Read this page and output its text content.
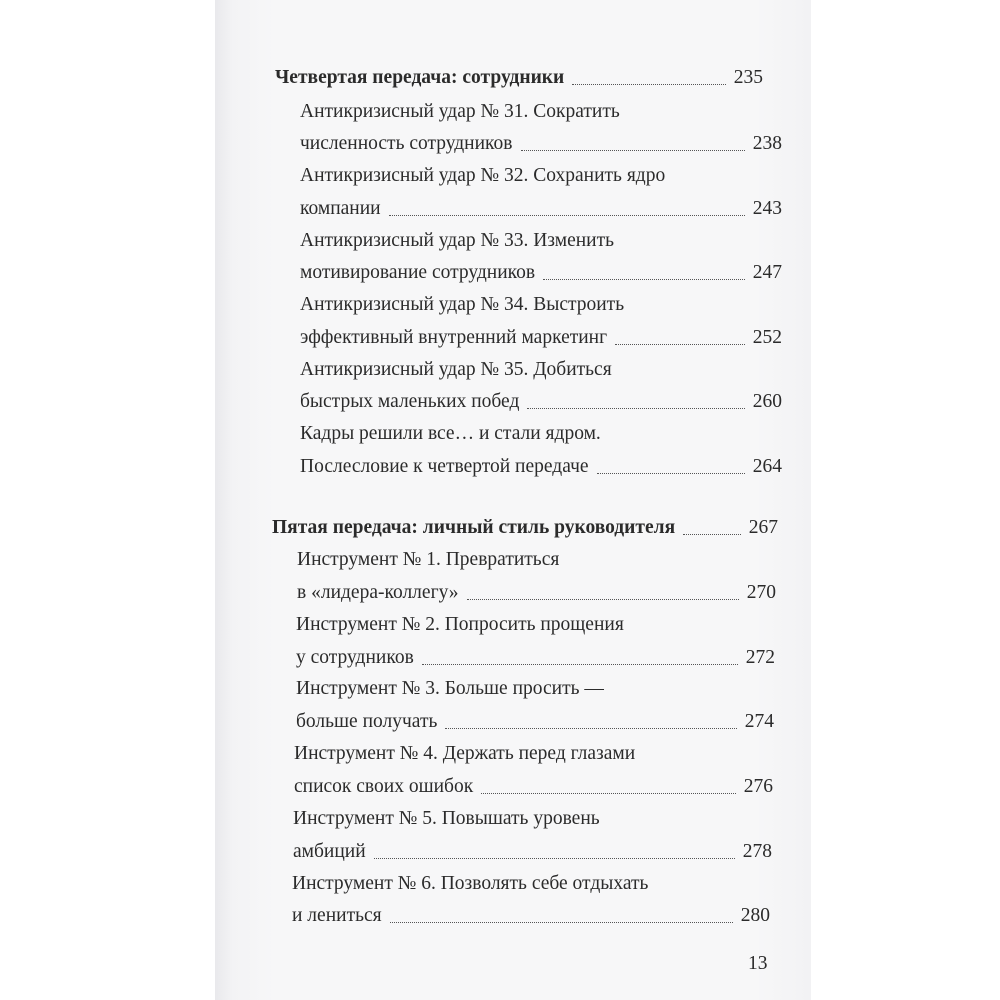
Четвертая передача: сотрудники	235
Антикризисный удар № 31. Сократить
численность сотрудников	238
Антикризисный удар № 32. Сохранить ядро
компании	243
Антикризисный удар № 33. Изменить
мотивирование сотрудников	247
Антикризисный удар № 34. Выстроить
эффективный внутренний маркетинг	252
Антикризисный удар № 35. Добиться
быстрых маленьких побед	260
Кадры решили все… и стали ядром.
Послесловие к четвертой передаче	264
Пятая передача: личный стиль руководителя	267
Инструмент № 1. Превратиться
в «лидера-коллегу»	270
Инструмент № 2. Попросить прощения
у сотрудников	272
Инструмент № 3. Больше просить —
больше получать	274
Инструмент № 4. Держать перед глазами
список своих ошибок	276
Инструмент № 5. Повышать уровень
амбиций	278
Инструмент № 6. Позволять себе отдыхать
и лениться	280
13
